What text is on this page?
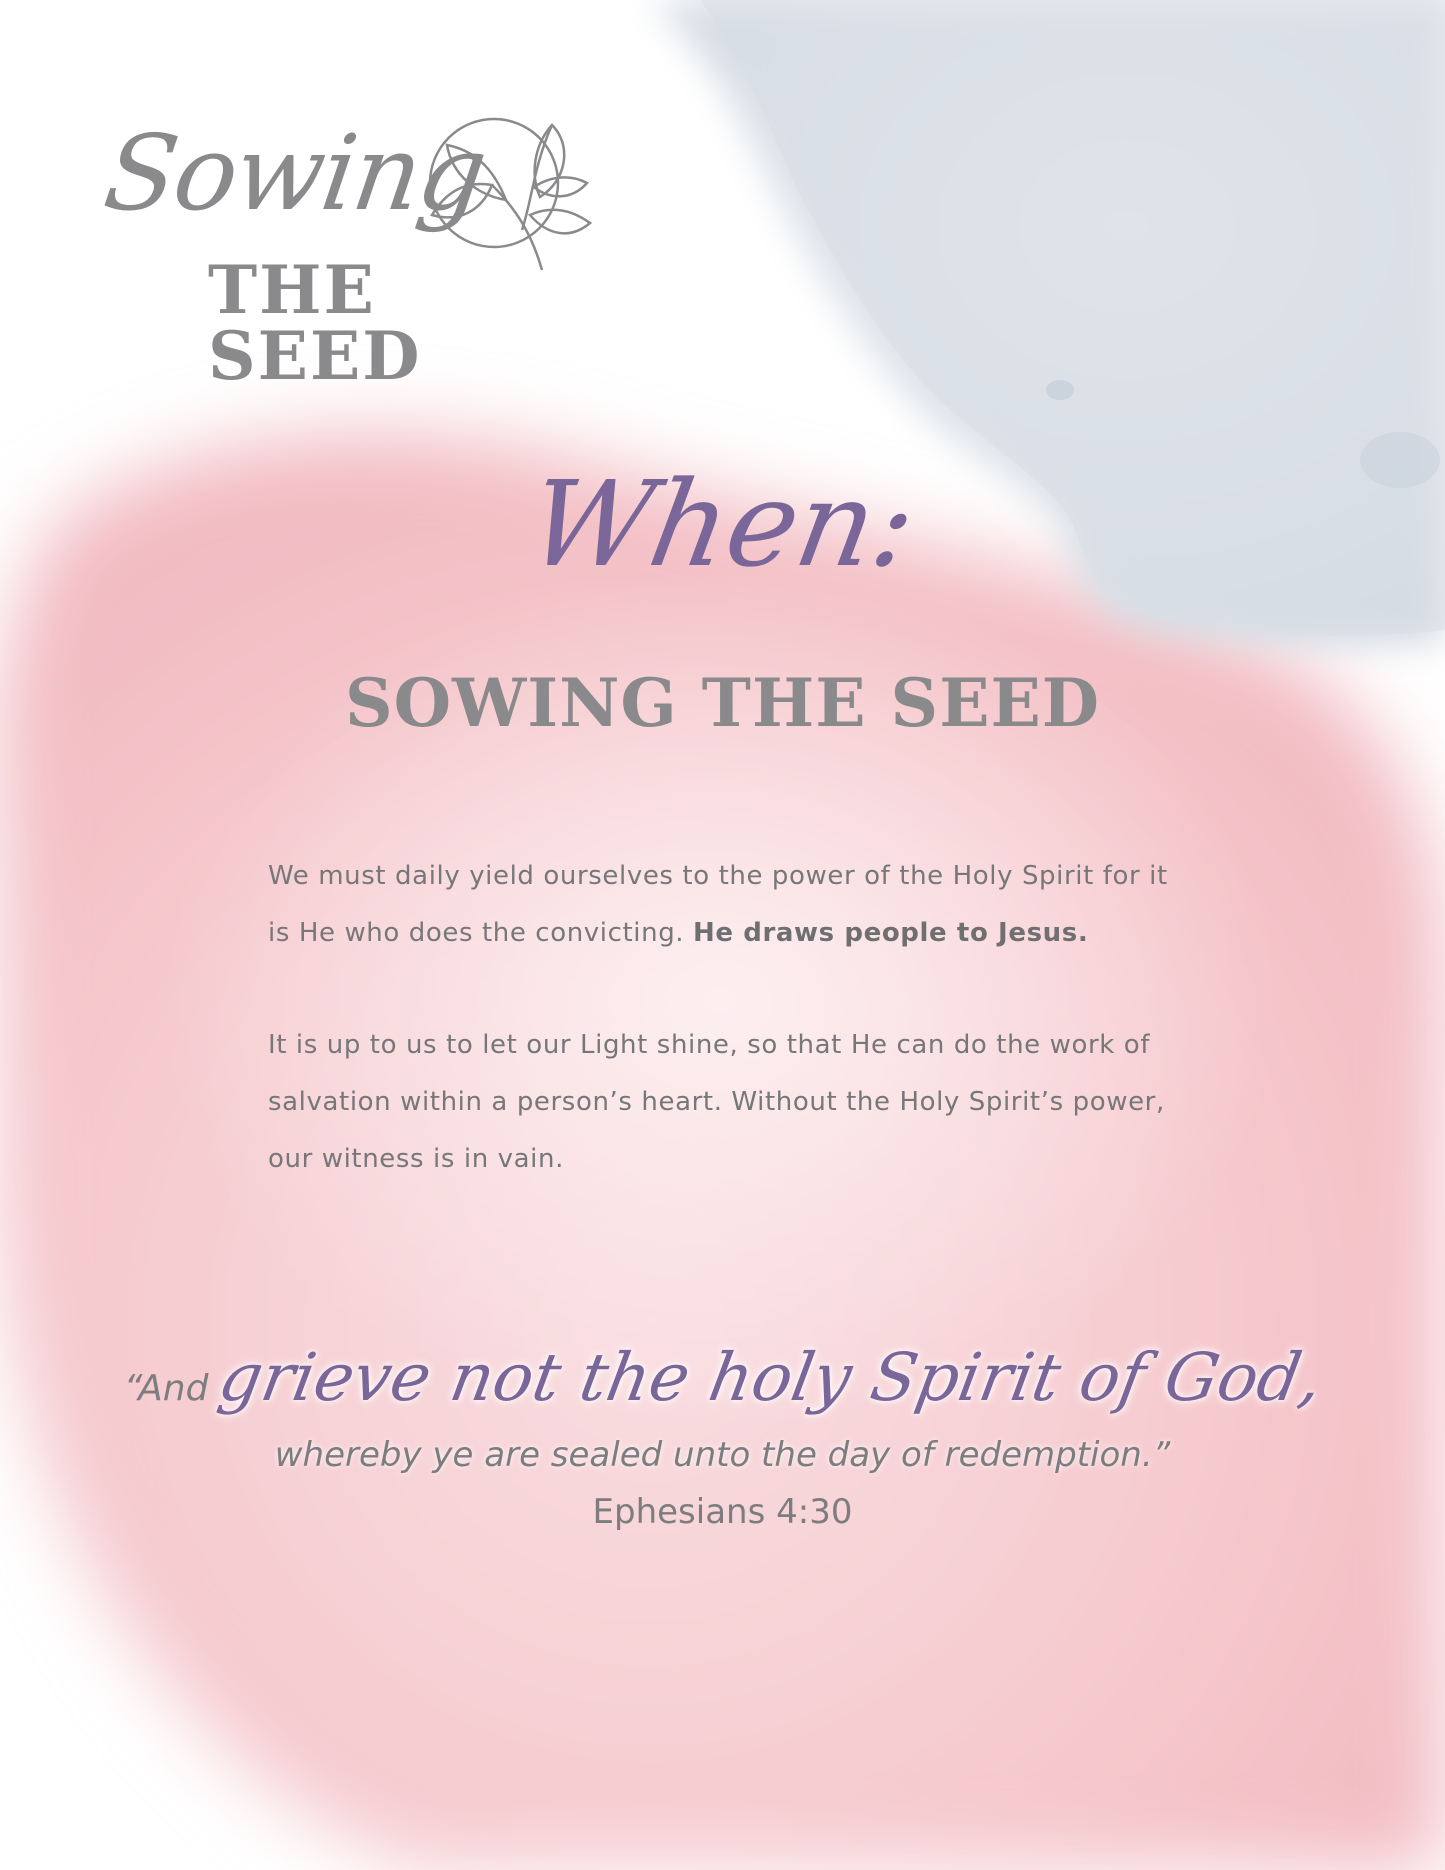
Sowing
THE SEED
When:
SOWING THE SEED

We must daily yield ourselves to the power of the Holy Spirit for it is He who does the convicting. He draws people to Jesus.

It is up to us to let our Light shine, so that He can do the work of salvation within a person’s heart. Without the Holy Spirit’s power, our witness is in vain.

“And grieve not the holy Spirit of God,
whereby ye are sealed unto the day of redemption.”
Ephesians 4:30
